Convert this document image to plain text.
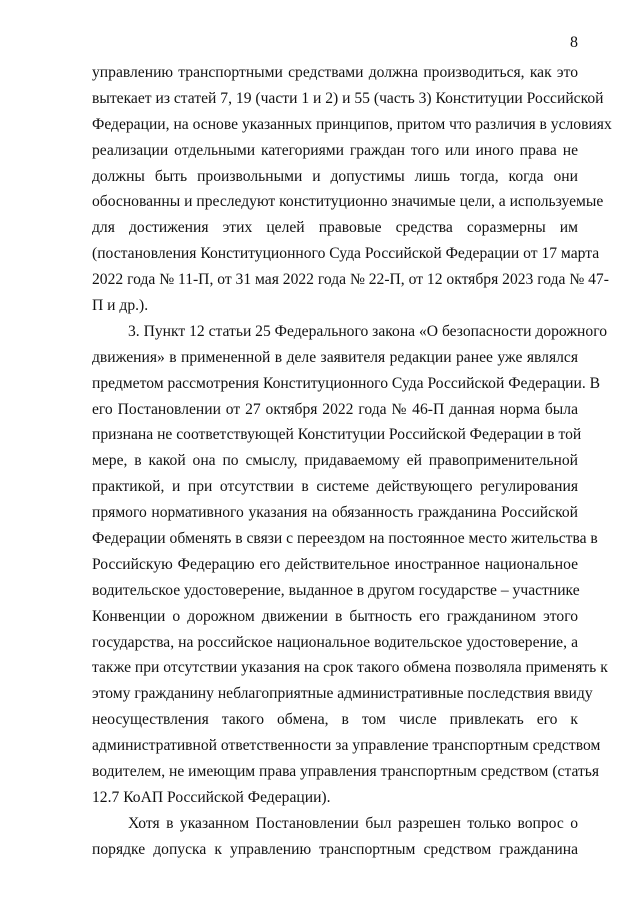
8
управлению транспортными средствами должна производиться, как это
вытекает из статей 7, 19 (части 1 и 2) и 55 (часть 3) Конституции Российской
Федерации, на основе указанных принципов, притом что различия в условиях
реализации отдельными категориями граждан того или иного права не
должны быть произвольными и допустимы лишь тогда, когда они
обоснованны и преследуют конституционно значимые цели, а используемые
для достижения этих целей правовые средства соразмерны им
(постановления Конституционного Суда Российской Федерации от 17 марта
2022 года № 11-П, от 31 мая 2022 года № 22-П, от 12 октября 2023 года № 47-
П и др.).
3. Пункт 12 статьи 25 Федерального закона «О безопасности дорожного
движения» в примененной в деле заявителя редакции ранее уже являлся
предметом рассмотрения Конституционного Суда Российской Федерации. В
его Постановлении от 27 октября 2022 года № 46-П данная норма была
признана не соответствующей Конституции Российской Федерации в той
мере, в какой она по смыслу, придаваемому ей правоприменительной
практикой, и при отсутствии в системе действующего регулирования
прямого нормативного указания на обязанность гражданина Российской
Федерации обменять в связи с переездом на постоянное место жительства в
Российскую Федерацию его действительное иностранное национальное
водительское удостоверение, выданное в другом государстве – участнике
Конвенции о дорожном движении в бытность его гражданином этого
государства, на российское национальное водительское удостоверение, а
также при отсутствии указания на срок такого обмена позволяла применять к
этому гражданину неблагоприятные административные последствия ввиду
неосуществления такого обмена, в том числе привлекать его к
административной ответственности за управление транспортным средством
водителем, не имеющим права управления транспортным средством (статья
12.7 КоАП Российской Федерации).
Хотя в указанном Постановлении был разрешен только вопрос о
порядке допуска к управлению транспортным средством гражданина
